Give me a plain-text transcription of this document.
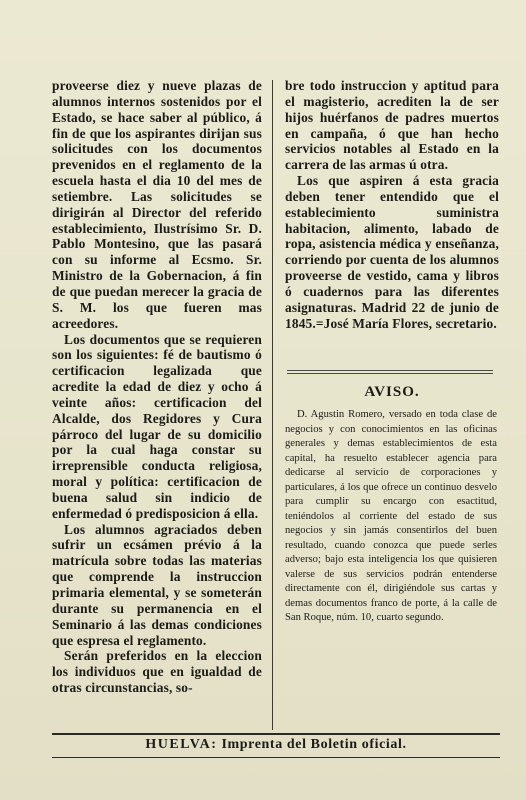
proveerse diez y nueve plazas de alumnos internos sostenidos por el Estado, se hace saber al público, á fin de que los aspirantes dirijan sus solicitudes con los documentos prevenidos en el reglamento de la escuela hasta el dia 10 del mes de setiembre. Las solicitudes se dirigirán al Director del referido establecimiento, Ilustrísimo Sr. D. Pablo Montesino, que las pasará con su informe al Ecsmo. Sr. Ministro de la Gobernacion, á fin de que puedan merecer la gracia de S. M. los que fueren mas acreedores.

Los documentos que se requieren son los siguientes: fé de bautismo ó certificacion legalizada que acredite la edad de diez y ocho á veinte años: certificacion del Alcalde, dos Regidores y Cura párroco del lugar de su domicilio por la cual haga constar su irreprensible conducta religiosa, moral y política: certificacion de buena salud sin indicio de enfermedad ó predisposicion á ella.

Los alumnos agraciados deben sufrir un ecsámen prévio á la matrícula sobre todas las materias que comprende la instruccion primaria elemental, y se someterán durante su permanencia en el Seminario á las demas condiciones que espresa el reglamento.

Serán preferidos en la eleccion los individuos que en igualdad de otras circunstancias, so-

bre todo instruccion y aptitud para el magisterio, acrediten la de ser hijos huérfanos de padres muertos en campaña, ó que han hecho servicios notables al Estado en la carrera de las armas ú otra.

Los que aspiren á esta gracia deben tener entendido que el establecimiento suministra habitacion, alimento, labado de ropa, asistencia médica y enseñanza, corriendo por cuenta de los alumnos proveerse de vestido, cama y libros ó cuadernos para las diferentes asignaturas. Madrid 22 de junio de 1845.=José María Flores, secretario.

AVISO.

D. Agustin Romero, versado en toda clase de negocios y con conocimientos en las oficinas generales y demas establecimientos de esta capital, ha resuelto establecer agencia para dedicarse al servicio de corporaciones y particulares, á los que ofrece un continuo desvelo para cumplir su encargo con esactitud, teniéndolos al corriente del estado de sus negocios y sin jamás consentirlos del buen resultado, cuando conozca que puede serles adverso; bajo esta inteligencia los que quisieren valerse de sus servicios podrán entenderse directamente con él, dirigiéndole sus cartas y demas documentos franco de porte, á la calle de San Roque, núm. 10, cuarto segundo.

HUELVA: Imprenta del Boletin oficial.
